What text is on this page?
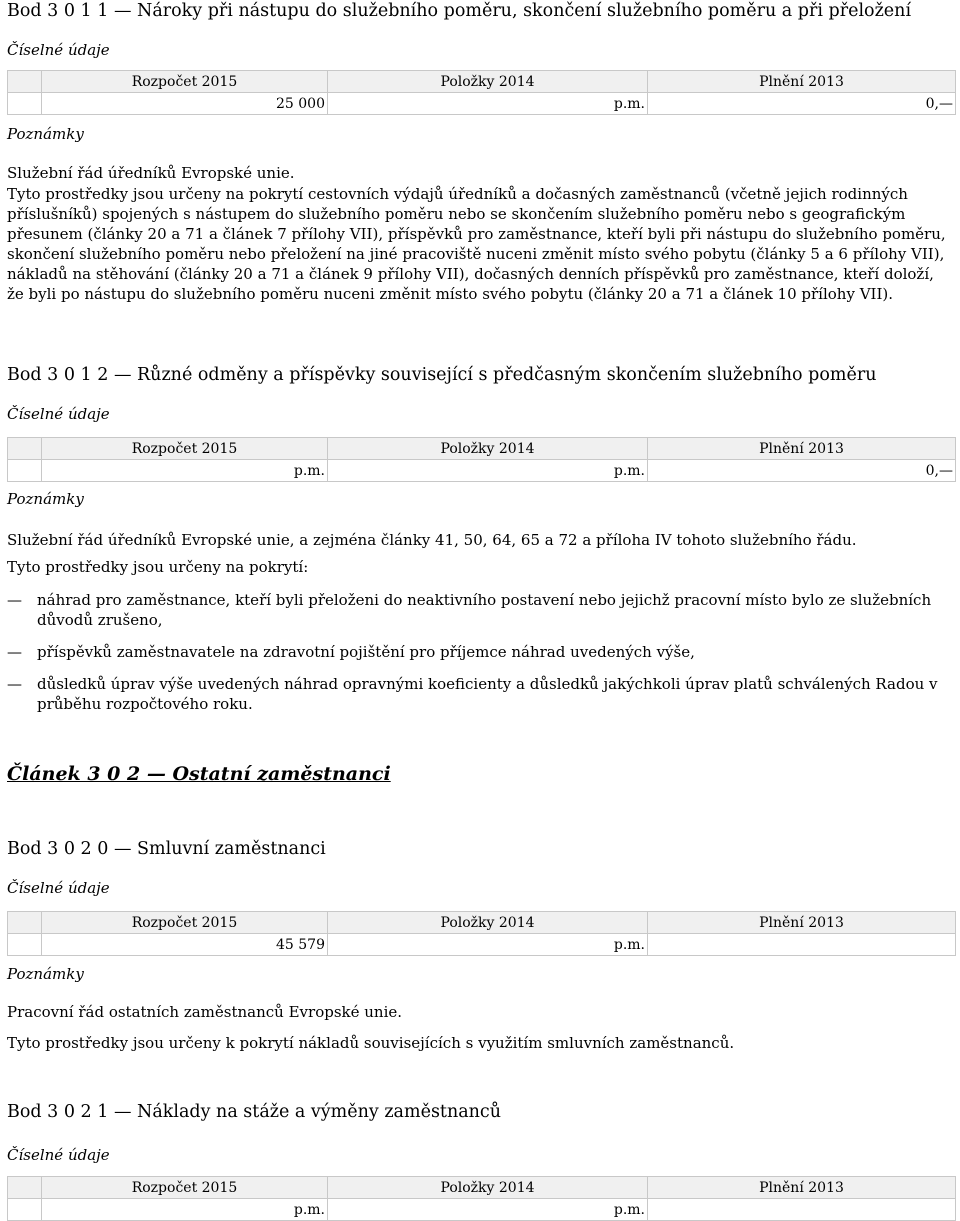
Bod 3 0 1 1 — Nároky při nástupu do služebního poměru, skončení služebního poměru a při přeložení
Číselné údaje
	Rozpočet 2015	Položky 2014	Plnění 2013
	25 000	p.m.	0,—
Poznámky
Služební řád úředníků Evropské unie.
Tyto prostředky jsou určeny na pokrytí cestovních výdajů úředníků a dočasných zaměstnanců (včetně jejich rodinných příslušníků) spojených s nástupem do služebního poměru nebo se skončením služebního poměru nebo s geografickým přesunem (články 20 a 71 a článek 7 přílohy VII), příspěvků pro zaměstnance, kteří byli při nástupu do služebního poměru, skončení služebního poměru nebo přeložení na jiné pracoviště nuceni změnit místo svého pobytu (články 5 a 6 přílohy VII), nákladů na stěhování (články 20 a 71 a článek 9 přílohy VII), dočasných denních příspěvků pro zaměstnance, kteří doloží, že byli po nástupu do služebního poměru nuceni změnit místo svého pobytu (články 20 a 71 a článek 10 přílohy VII).
Bod 3 0 1 2 — Různé odměny a příspěvky související s předčasným skončením služebního poměru
Číselné údaje
	Rozpočet 2015	Položky 2014	Plnění 2013
	p.m.	p.m.	0,—
Poznámky
Služební řád úředníků Evropské unie, a zejména články 41, 50, 64, 65 a 72 a příloha IV tohoto služebního řádu.
Tyto prostředky jsou určeny na pokrytí:
— náhrad pro zaměstnance, kteří byli přeloženi do neaktivního postavení nebo jejichž pracovní místo bylo ze služebních důvodů zrušeno,
— příspěvků zaměstnavatele na zdravotní pojištění pro příjemce náhrad uvedených výše,
— důsledků úprav výše uvedených náhrad opravnými koeficienty a důsledků jakýchkoli úprav platů schválených Radou v průběhu rozpočtového roku.
Článek 3 0 2 — Ostatní zaměstnanci
Bod 3 0 2 0 — Smluvní zaměstnanci
Číselné údaje
	Rozpočet 2015	Položky 2014	Plnění 2013
	45 579	p.m.	
Poznámky
Pracovní řád ostatních zaměstnanců Evropské unie.
Tyto prostředky jsou určeny k pokrytí nákladů souvisejících s využitím smluvních zaměstnanců.
Bod 3 0 2 1 — Náklady na stáže a výměny zaměstnanců
Číselné údaje
	Rozpočet 2015	Položky 2014	Plnění 2013
	p.m.	p.m.	
